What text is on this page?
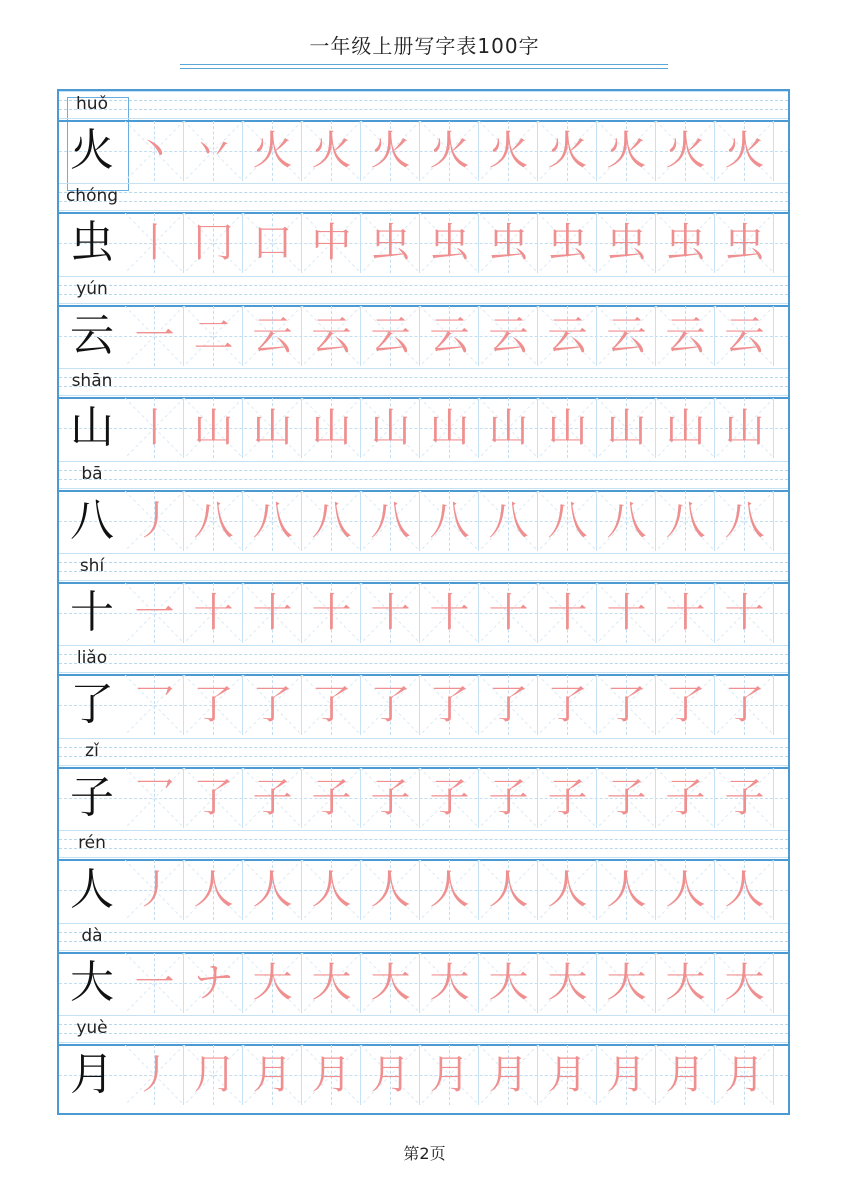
一年级上册写字表100字
huǒ
火 丶 丷 火 火 火 火 火 火 火 火 火
chóng
虫 丨 冂 口 中 虫 虫 虫 虫 虫 虫 虫
yún
云 一 二 云 云 云 云 云 云 云 云 云
shān
山 丨 山 山 山 山 山 山 山 山 山 山
bā
八 丿 八 八 八 八 八 八 八 八 八 八
shí
十 一 十 十 十 十 十 十 十 十 十 十
liǎo
了 乛 了 了 了 了 了 了 了 了 了 了
zǐ
子 乛 了 子 子 子 子 子 子 子 子 子
rén
人 丿 人 人 人 人 人 人 人 人 人 人
dà
大 一 ナ 大 大 大 大 大 大 大 大 大
yuè
月 丿 ⺆ 月 月 月 月 月 月 月 月 月
第2页
